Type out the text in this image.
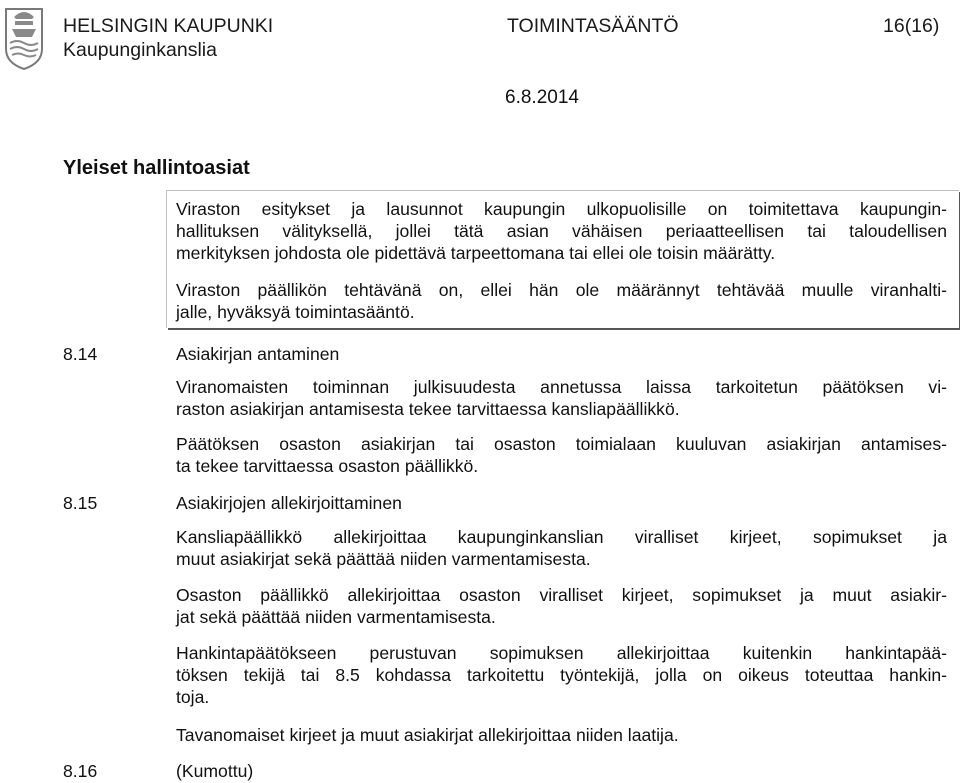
HELSINGIN KAUPUNKI
Kaupunginkanslia
TOIMINTASÄÄNTÖ	16(16)
6.8.2014
Yleiset hallintoasiat
Viraston esitykset ja lausunnot kaupungin ulkopuolisille on toimitettava kaupungin-
hallituksen välityksellä, jollei tätä asian vähäisen periaatteellisen tai taloudellisen
merkityksen johdosta ole pidettävä tarpeettomana tai ellei ole toisin määrätty.
Viraston päällikön tehtävänä on, ellei hän ole määrännyt tehtävää muulle viranhalti-
jalle, hyväksyä toimintasääntö.
8.14	Asiakirjan antaminen
Viranomaisten toiminnan julkisuudesta annetussa laissa tarkoitetun päätöksen vi-
raston asiakirjan antamisesta tekee tarvittaessa kansliapäällikkö.
Päätöksen osaston asiakirjan tai osaston toimialaan kuuluvan asiakirjan antamises-
ta tekee tarvittaessa osaston päällikkö.
8.15	Asiakirjojen allekirjoittaminen
Kansliapäällikkö allekirjoittaa kaupunginkanslian viralliset kirjeet, sopimukset ja
muut asiakirjat sekä päättää niiden varmentamisesta.
Osaston päällikkö allekirjoittaa osaston viralliset kirjeet, sopimukset ja muut asiakir-
jat sekä päättää niiden varmentamisesta.
Hankintapäätökseen perustuvan sopimuksen allekirjoittaa kuitenkin hankintapää-
töksen tekijä tai 8.5 kohdassa tarkoitettu työntekijä, jolla on oikeus toteuttaa hankin-
toja.
Tavanomaiset kirjeet ja muut asiakirjat allekirjoittaa niiden laatija.
8.16	(Kumottu)
